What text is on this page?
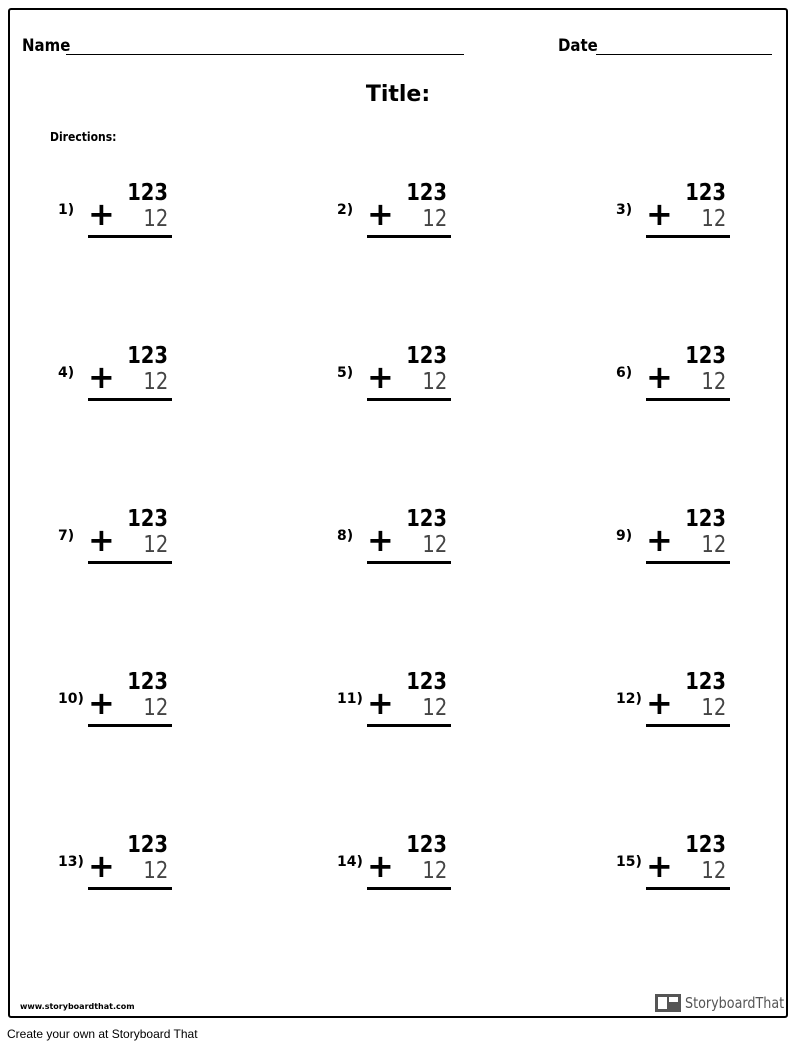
Name	Date
Title:
Directions:
1)
123
+ 12	2)
123
+ 12	3)
123
+ 12
4)
123
+ 12	5)
123
+ 12	6)
123
+ 12
7)
123
+ 12	8)
123
+ 12	9)
123
+ 12
10)
123
+ 12	11)
123
+ 12	12)
123
+ 12
13)
123
+ 12	14)
123
+ 12	15)
123
+ 12
www.storyboardthat.com	StoryboardThat
Create your own at Storyboard That
